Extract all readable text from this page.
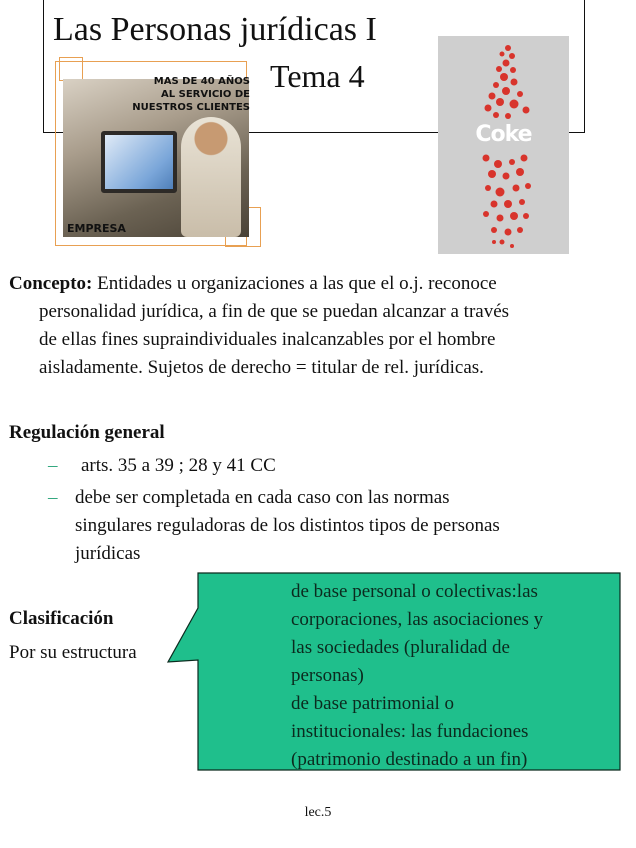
Las Personas jurídicas I
Tema 4
MAS DE 40 AÑOS
AL SERVICIO DE
NUESTROS CLIENTES
EMPRESA
Coke
Concepto: Entidades u organizaciones a las que el o.j. reconoce
personalidad jurídica, a fin de que se puedan alcanzar a través
de ellas fines supraindividuales inalcanzables por el hombre
aisladamente. Sujetos de derecho = titular de rel. jurídicas.
Regulación general
– arts. 35 a 39 ; 28 y 41 CC
– debe ser completada en cada caso con las normas
singulares reguladoras de los distintos tipos de personas
jurídicas
Clasificación
Por su estructura
de base personal o colectivas:las
corporaciones, las asociaciones y
las sociedades (pluralidad de
personas)
de base patrimonial o
institucionales: las fundaciones
(patrimonio destinado a un fin)
lec.5
